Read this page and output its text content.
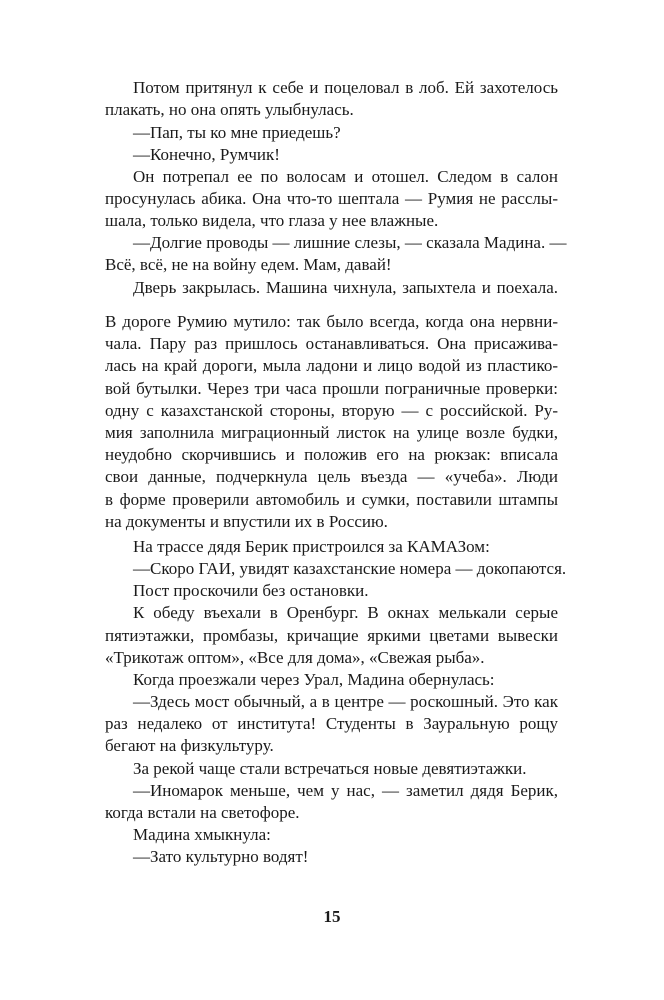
Потом притянул к себе и поцеловал в лоб. Ей захотелось
плакать, но она опять улыбнулась.
—Пап, ты ко мне приедешь?
—Конечно, Румчик!
Он потрепал ее по волосам и отошел. Следом в салон
просунулась абика. Она что-то шептала — Румия не расслы-
шала, только видела, что глаза у нее влажные.
—Долгие проводы — лишние слезы, — сказала Мадина. —
Всё, всё, не на войну едем. Мам, давай!
Дверь закрылась. Машина чихнула, запыхтела и поехала.
В дороге Румию мутило: так было всегда, когда она нервни-
чала. Пару раз пришлось останавливаться. Она присажива-
лась на край дороги, мыла ладони и лицо водой из пластико-
вой бутылки. Через три часа прошли пограничные проверки:
одну с казахстанской стороны, вторую — с российской. Ру-
мия заполнила миграционный листок на улице возле будки,
неудобно скорчившись и положив его на рюкзак: вписала
свои данные, подчеркнула цель въезда — «учеба». Люди
в форме проверили автомобиль и сумки, поставили штампы
на документы и впустили их в Россию.
На трассе дядя Берик пристроился за КАМАЗом:
—Скоро ГАИ, увидят казахстанские номера — докопаются.
Пост проскочили без остановки.
К обеду въехали в Оренбург. В окнах мелькали серые
пятиэтажки, промбазы, кричащие яркими цветами вывески
«Трикотаж оптом», «Все для дома», «Свежая рыба».
Когда проезжали через Урал, Мадина обернулась:
—Здесь мост обычный, а в центре — роскошный. Это как
раз недалеко от института! Студенты в Зауральную рощу
бегают на физкультуру.
За рекой чаще стали встречаться новые девятиэтажки.
—Иномарок меньше, чем у нас, — заметил дядя Берик,
когда встали на светофоре.
Мадина хмыкнула:
—Зато культурно водят!
15
